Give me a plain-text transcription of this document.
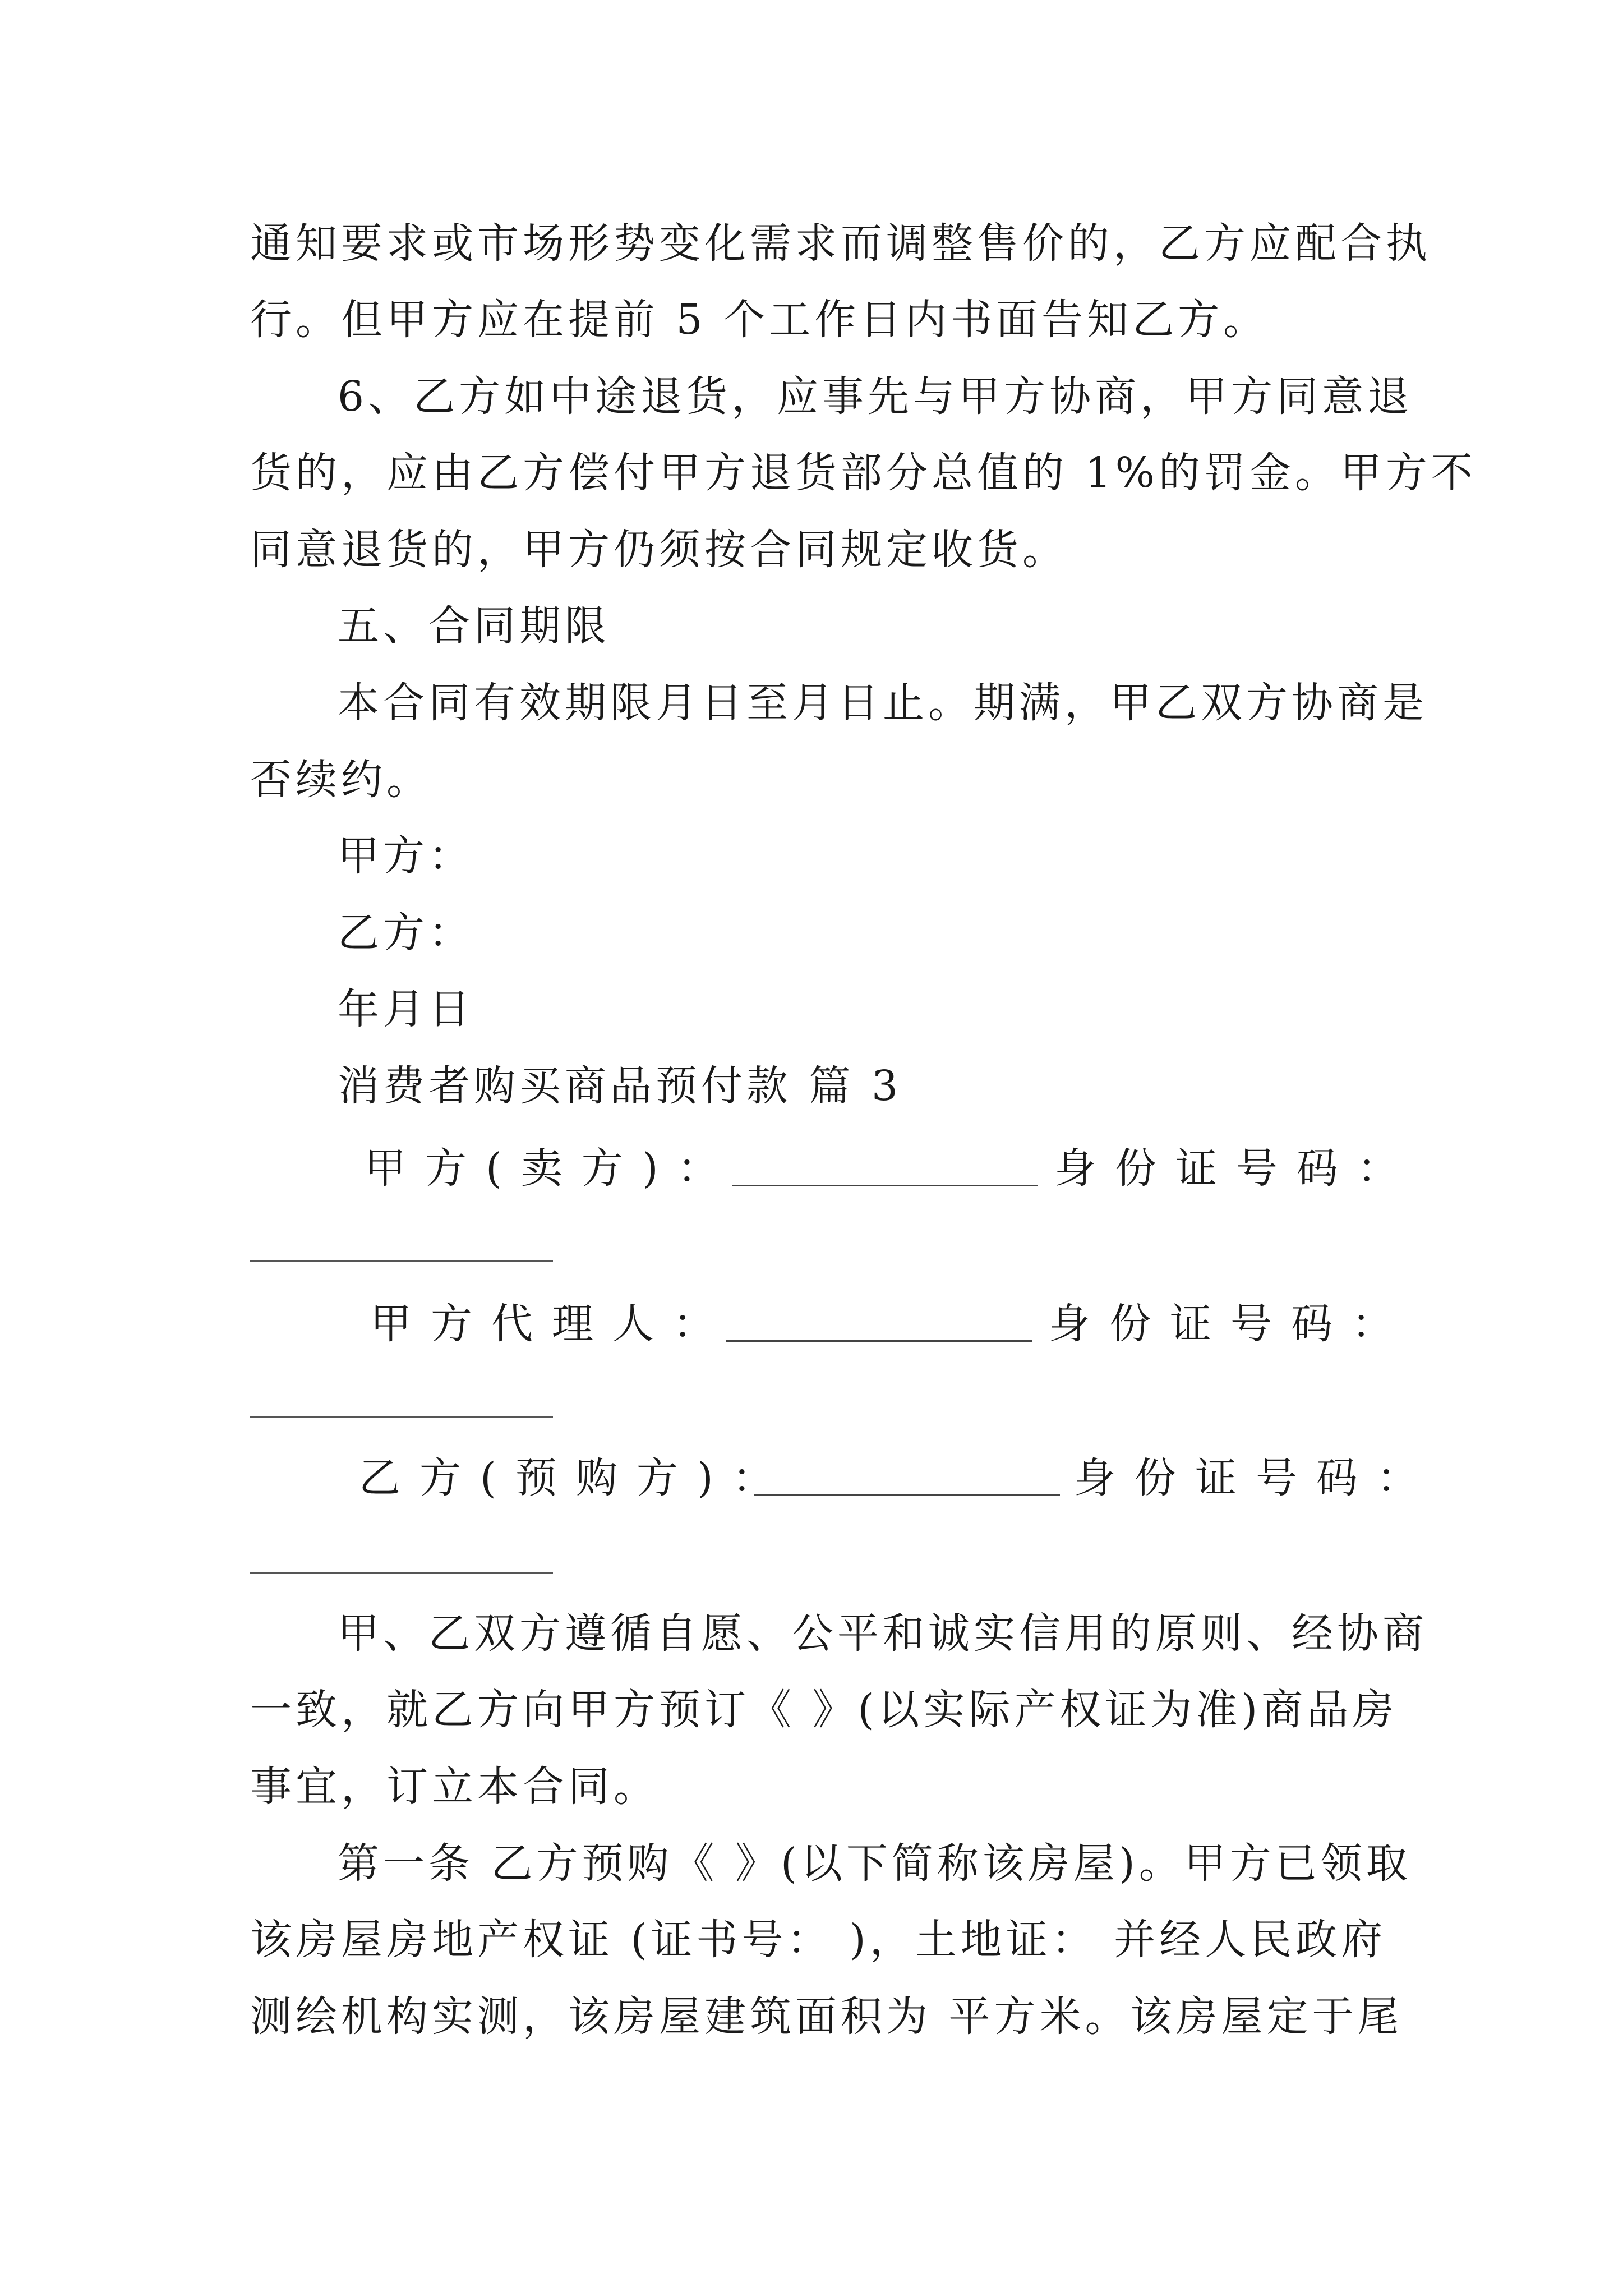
通知要求或市场形势变化需求而调整售价的，乙方应配合执
行。但甲方应在提前 5 个工作日内书面告知乙方。
6、乙方如中途退货，应事先与甲方协商，甲方同意退
货的，应由乙方偿付甲方退货部分总值的 1%的罚金。甲方不
同意退货的，甲方仍须按合同规定收货。
五、合同期限
本合同有效期限月日至月日止。期满，甲乙双方协商是
否续约。
甲方：
乙方：
年月日
消费者购买商品预付款 篇 3
甲方(卖方)：	身份证号码：
甲方代理人：	身份证号码：
乙方(预购方)：	身份证号码：
甲、乙双方遵循自愿、公平和诚实信用的原则、经协商
一致，就乙方向甲方预订《 》(以实际产权证为准)商品房
事宜，订立本合同。
第一条 乙方预购《 》(以下简称该房屋)。甲方已领取
该房屋房地产权证 (证书号： )，土地证： 并经人民政府
测绘机构实测，该房屋建筑面积为 平方米。该房屋定于尾
